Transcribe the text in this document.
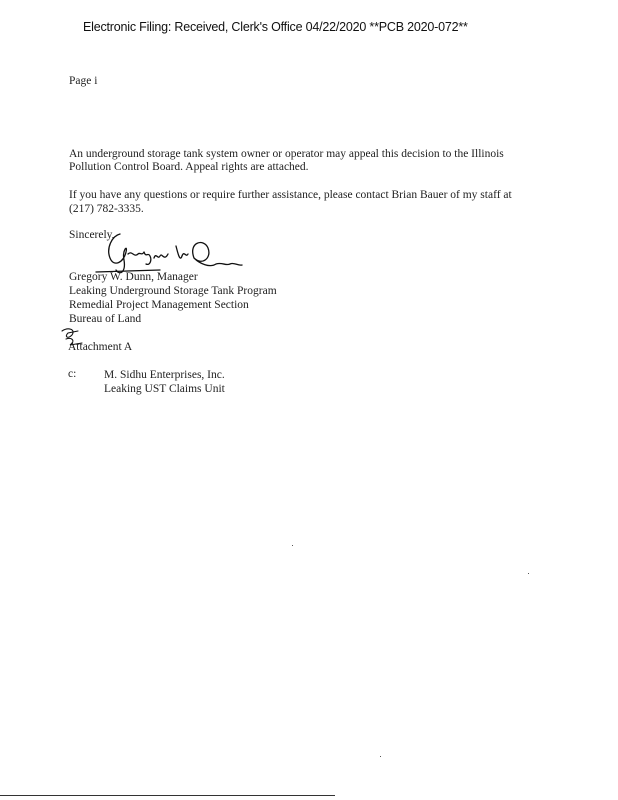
Electronic Filing: Received, Clerk's Office 04/22/2020 **PCB 2020-072**
Page i
An underground storage tank system owner or operator may appeal this decision to the Illinois
Pollution Control Board. Appeal rights are attached.
If you have any questions or require further assistance, please contact Brian Bauer of my staff at
(217) 782-3335.
Sincerely,
Gregory W. Dunn, Manager
Leaking Underground Storage Tank Program
Remedial Project Management Section
Bureau of Land
Attachment A
c: M. Sidhu Enterprises, Inc.
Leaking UST Claims Unit
